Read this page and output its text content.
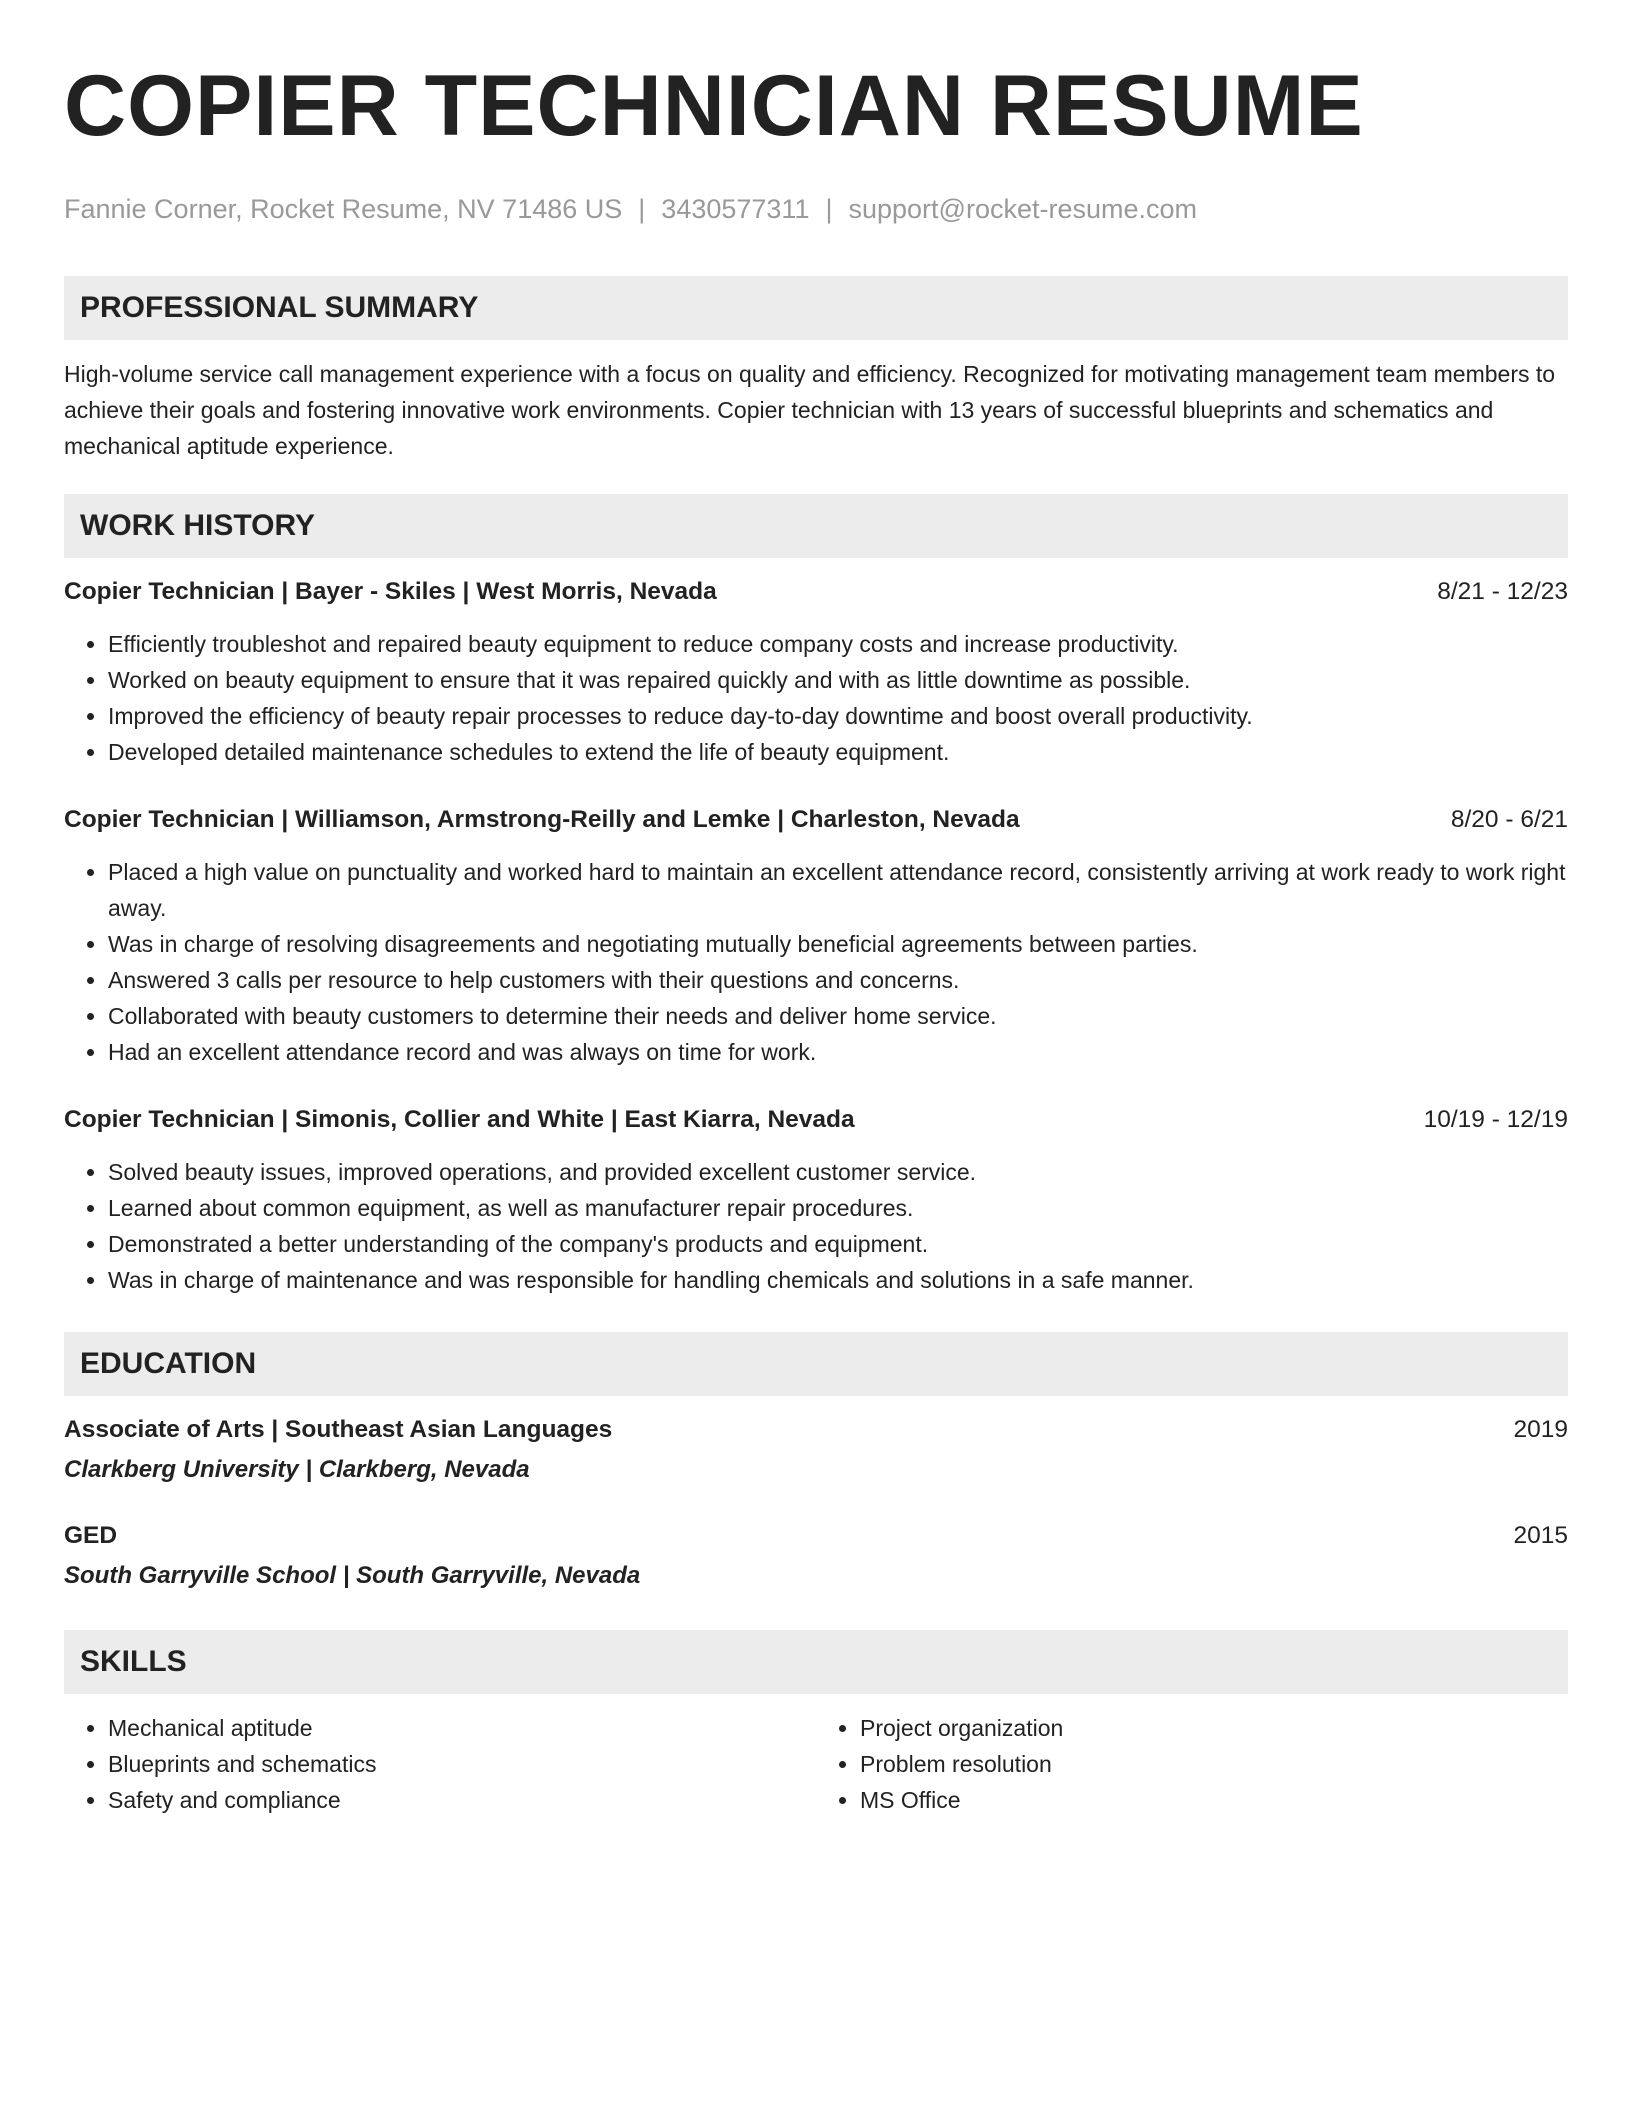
COPIER TECHNICIAN RESUME
Fannie Corner, Rocket Resume, NV 71486 US | 3430577311 | support@rocket-resume.com
PROFESSIONAL SUMMARY

High-volume service call management experience with a focus on quality and efficiency. Recognized for motivating management team members to achieve their goals and fostering innovative work environments. Copier technician with 13 years of successful blueprints and schematics and mechanical aptitude experience.

WORK HISTORY
Copier Technician | Bayer - Skiles | West Morris, Nevada	8/21 - 12/23
• Efficiently troubleshot and repaired beauty equipment to reduce company costs and increase productivity.
• Worked on beauty equipment to ensure that it was repaired quickly and with as little downtime as possible.
• Improved the efficiency of beauty repair processes to reduce day-to-day downtime and boost overall productivity.
• Developed detailed maintenance schedules to extend the life of beauty equipment.
Copier Technician | Williamson, Armstrong-Reilly and Lemke | Charleston, Nevada	8/20 - 6/21
• Placed a high value on punctuality and worked hard to maintain an excellent attendance record, consistently arriving at work ready to work right away.
• Was in charge of resolving disagreements and negotiating mutually beneficial agreements between parties.
• Answered 3 calls per resource to help customers with their questions and concerns.
• Collaborated with beauty customers to determine their needs and deliver home service.
• Had an excellent attendance record and was always on time for work.
Copier Technician | Simonis, Collier and White | East Kiarra, Nevada	10/19 - 12/19
• Solved beauty issues, improved operations, and provided excellent customer service.
• Learned about common equipment, as well as manufacturer repair procedures.
• Demonstrated a better understanding of the company's products and equipment.
• Was in charge of maintenance and was responsible for handling chemicals and solutions in a safe manner.
EDUCATION
Associate of Arts | Southeast Asian Languages	2019
Clarkberg University | Clarkberg, Nevada
GED	2015
South Garryville School | South Garryville, Nevada
SKILLS
• Mechanical aptitude
• Blueprints and schematics
• Safety and compliance
• Project organization
• Problem resolution
• MS Office
